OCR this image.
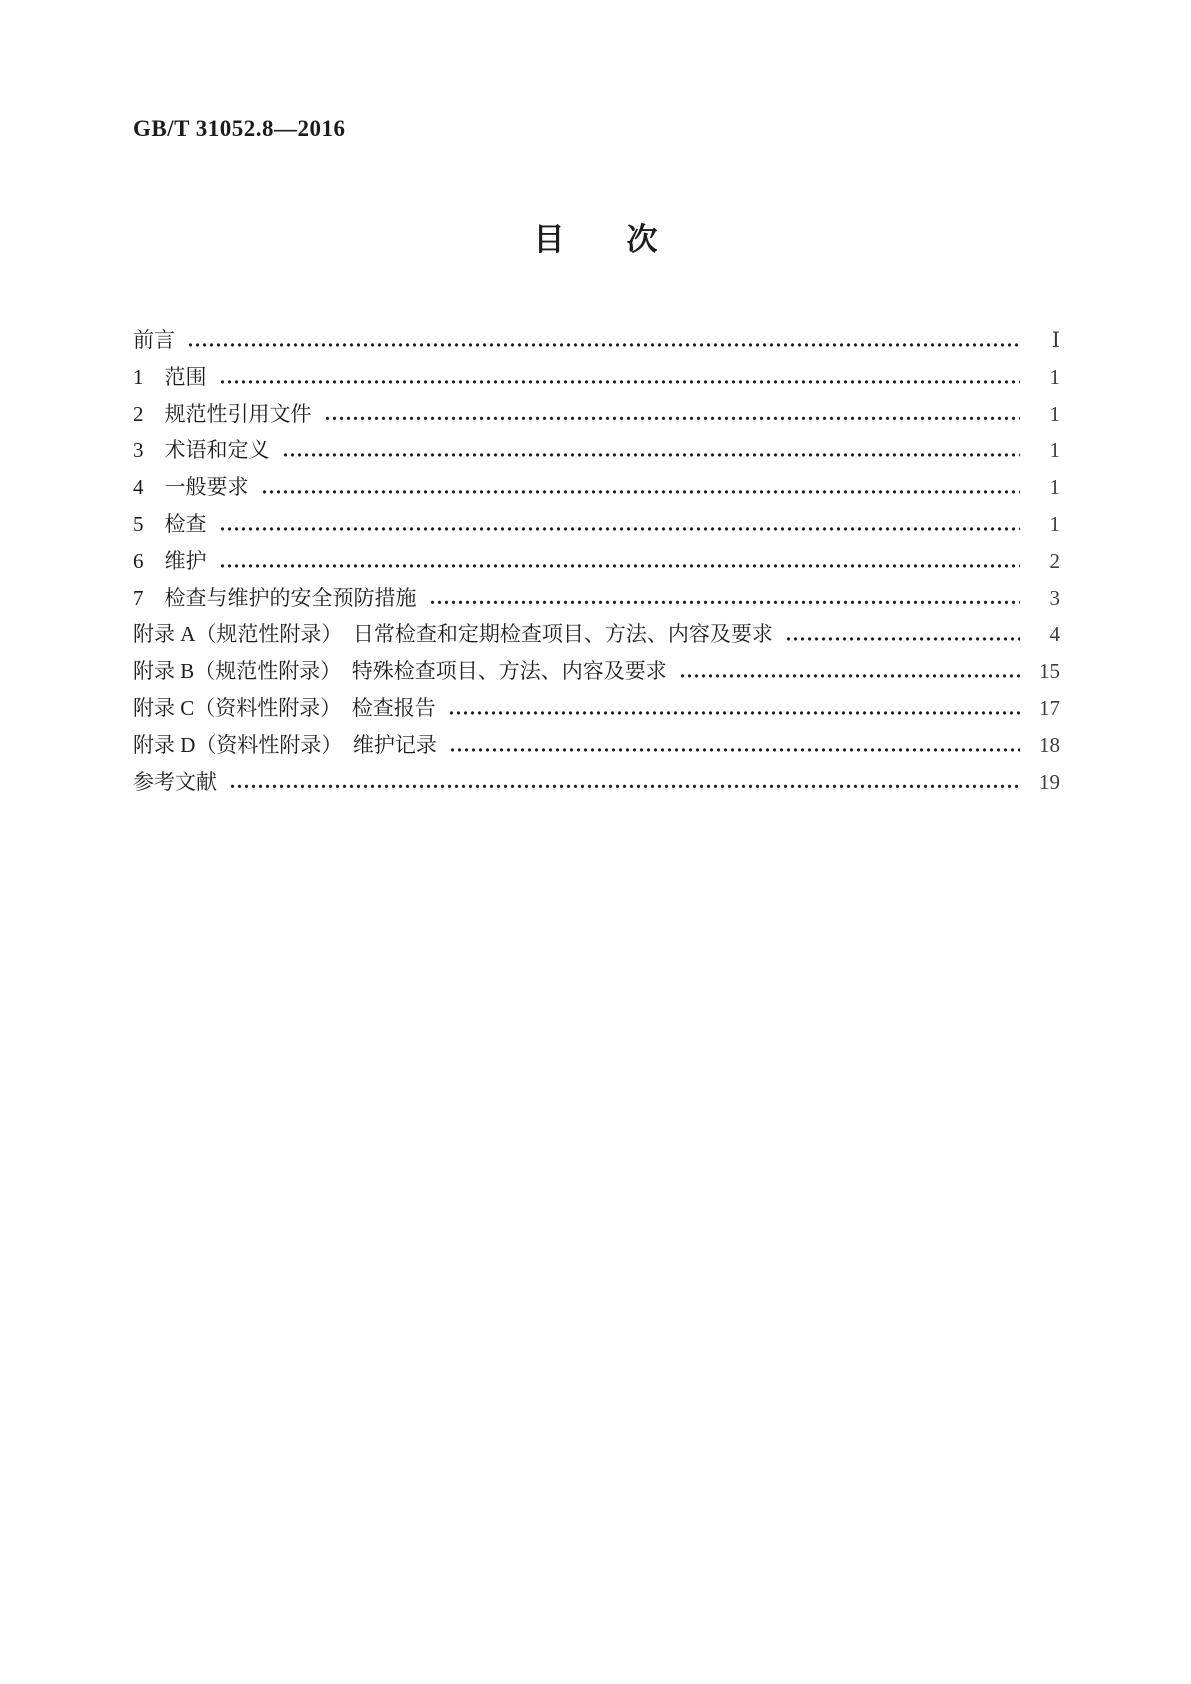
GB/T 31052.8—2016
目　　次
前言	Ⅰ
1　范围	1
2　规范性引用文件	1
3　术语和定义	1
4　一般要求	1
5　检查	1
6　维护	2
7　检查与维护的安全预防措施	3
附录 A（规范性附录）　日常检查和定期检查项目、方法、内容及要求	4
附录 B（规范性附录）　特殊检查项目、方法、内容及要求	15
附录 C（资料性附录）　检查报告	17
附录 D（资料性附录）　维护记录	18
参考文献	19
